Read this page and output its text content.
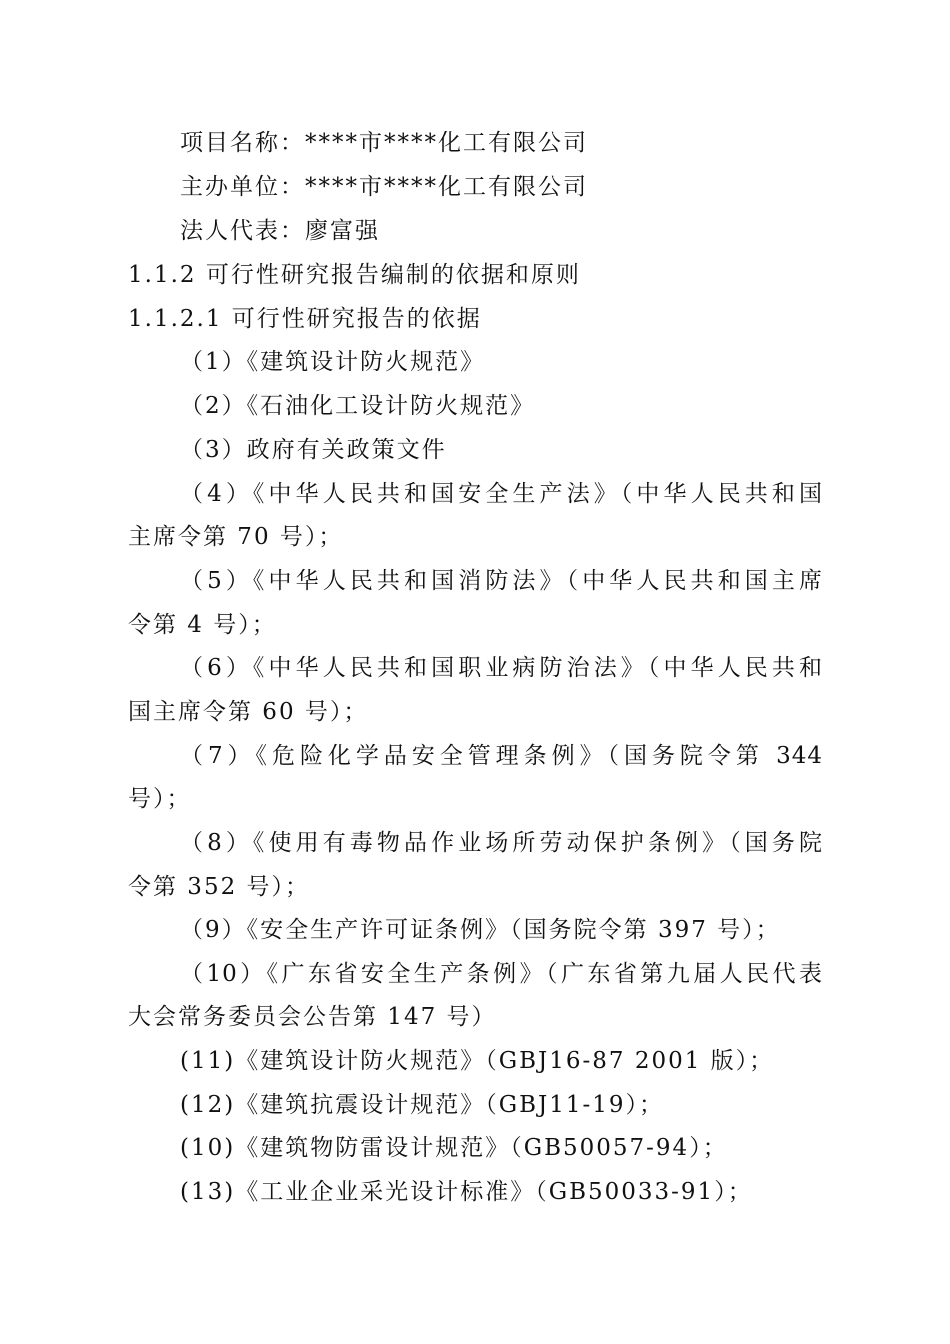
项目名称：****市****化工有限公司
主办单位：****市****化工有限公司
法人代表：廖富强
1.1.2 可行性研究报告编制的依据和原则
1.1.2.1 可行性研究报告的依据
（1）《建筑设计防火规范》
（2）《石油化工设计防火规范》
（3）政府有关政策文件
（4）《中华人民共和国安全生产法》（中华人民共和国
主席令第 70 号）；
（5）《中华人民共和国消防法》（中华人民共和国主席
令第 4 号）；
（6）《中华人民共和国职业病防治法》（中华人民共和
国主席令第 60 号）；
（7）《危险化学品安全管理条例》（国务院令第 344
号）；
（8）《使用有毒物品作业场所劳动保护条例》（国务院
令第 352 号）；
（9）《安全生产许可证条例》（国务院令第 397 号）；
（10）《广东省安全生产条例》（广东省第九届人民代表
大会常务委员会公告第 147 号）
(11)《建筑设计防火规范》（GBJ16-87 2001 版）；
(12)《建筑抗震设计规范》（GBJ11-19）；
(10)《建筑物防雷设计规范》（GB50057-94）；
(13)《工业企业采光设计标准》（GB50033-91）；
